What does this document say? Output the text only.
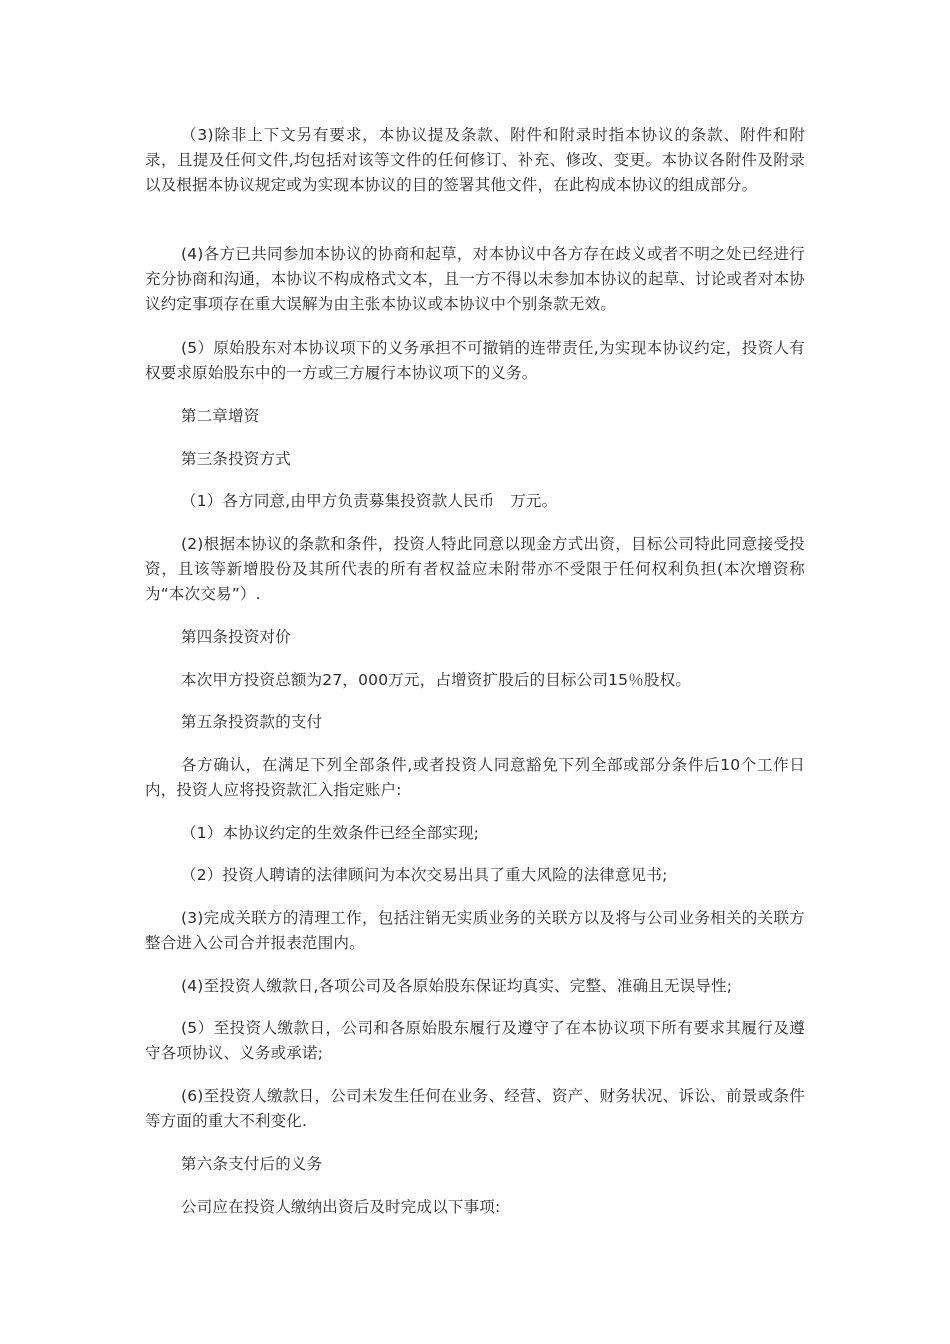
（3)除非上下文另有要求，本协议提及条款、附件和附录时指本协议的条款、附件和附录，且提及任何文件,均包括对该等文件的任何修订、补充、修改、变更。本协议各附件及附录以及根据本协议规定或为实现本协议的目的签署其他文件，在此构成本协议的组成部分。

(4)各方已共同参加本协议的协商和起草，对本协议中各方存在歧义或者不明之处已经进行充分协商和沟通，本协议不构成格式文本，且一方不得以未参加本协议的起草、讨论或者对本协议约定事项存在重大误解为由主张本协议或本协议中个别条款无效。

(5）原始股东对本协议项下的义务承担不可撤销的连带责任,为实现本协议约定，投资人有权要求原始股东中的一方或三方履行本协议项下的义务。

第二章增资

第三条投资方式

（1）各方同意,由甲方负责募集投资款人民币　万元。

(2)根据本协议的条款和条件，投资人特此同意以现金方式出资，目标公司特此同意接受投资，且该等新增股份及其所代表的所有者权益应未附带亦不受限于任何权利负担(本次增资称为“本次交易”）.

第四条投资对价

本次甲方投资总额为27，000万元，占增资扩股后的目标公司15％股权。

第五条投资款的支付

各方确认，在满足下列全部条件,或者投资人同意豁免下列全部或部分条件后10个工作日内，投资人应将投资款汇入指定账户:

（1）本协议约定的生效条件已经全部实现;

（2）投资人聘请的法律顾问为本次交易出具了重大风险的法律意见书;

(3)完成关联方的清理工作，包括注销无实质业务的关联方以及将与公司业务相关的关联方整合进入公司合并报表范围内。

(4)至投资人缴款日,各项公司及各原始股东保证均真实、完整、准确且无误导性;

(5）至投资人缴款日，公司和各原始股东履行及遵守了在本协议项下所有要求其履行及遵守各项协议、义务或承诺;

(6)至投资人缴款日，公司未发生任何在业务、经营、资产、财务状况、诉讼、前景或条件等方面的重大不利变化.

第六条支付后的义务

公司应在投资人缴纳出资后及时完成以下事项:
